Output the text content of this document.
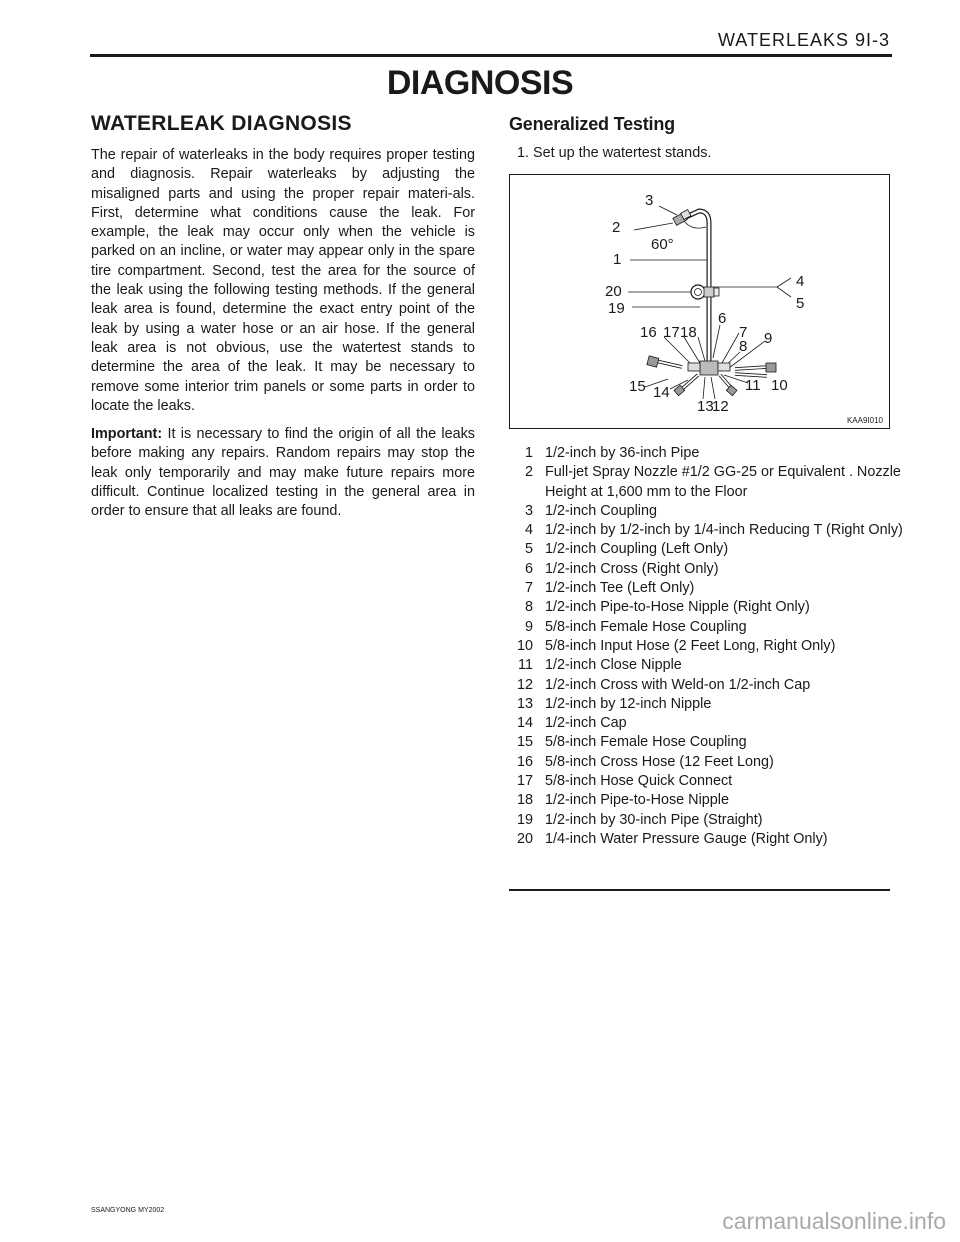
WATERLEAKS 9I-3
DIAGNOSIS
WATERLEAK DIAGNOSIS

The repair of waterleaks in the body requires proper testing and diagnosis. Repair waterleaks by adjusting the misaligned parts and using the proper repair materi-als. First, determine what conditions cause the leak. For example, the leak may occur only when the vehicle is parked on an incline, or water may appear only in the spare tire compartment. Second, test the area for the source of the leak using the following testing methods. If the general leak area is found, determine the exact entry point of the leak by using a water hose or an air hose. If the general leak area is not obvious, use the watertest stands to determine the area of the leak. It may be necessary to remove some interior trim panels or some parts in order to locate the leaks.

Important: It is necessary to find the origin of all the leaks before making any repairs. Random repairs may stop the leak only temporarily and may make future repairs more difficult. Continue localized testing in the general area in order to ensure that all leaks are found.

Generalized Testing
1. Set up the watertest stands.
3
2
60°
1
4
20
5
19
6
16 17 18	7 9
8
15 14	11 10
13
12
KAA9I010
1 1/2-inch by 36-inch Pipe
2 Full-jet Spray Nozzle #1/2 GG-25 or Equivalent . Nozzle Height at 1,600 mm to the Floor
3 1/2-inch Coupling
4 1/2-inch by 1/2-inch by 1/4-inch Reducing T (Right Only)
5 1/2-inch Coupling (Left Only)
6 1/2-inch Cross (Right Only)
7 1/2-inch Tee (Left Only)
8 1/2-inch Pipe-to-Hose Nipple (Right Only)
9 5/8-inch Female Hose Coupling
10 5/8-inch Input Hose (2 Feet Long, Right Only)
11 1/2-inch Close Nipple
12 1/2-inch Cross with Weld-on 1/2-inch Cap
13 1/2-inch by 12-inch Nipple
14 1/2-inch Cap
15 5/8-inch Female Hose Coupling
16 5/8-inch Cross Hose (12 Feet Long)
17 5/8-inch Hose Quick Connect
18 1/2-inch Pipe-to-Hose Nipple
19 1/2-inch by 30-inch Pipe (Straight)
20 1/4-inch Water Pressure Gauge (Right Only)
SSANGYONG MY2002	carmanualsonline.info
